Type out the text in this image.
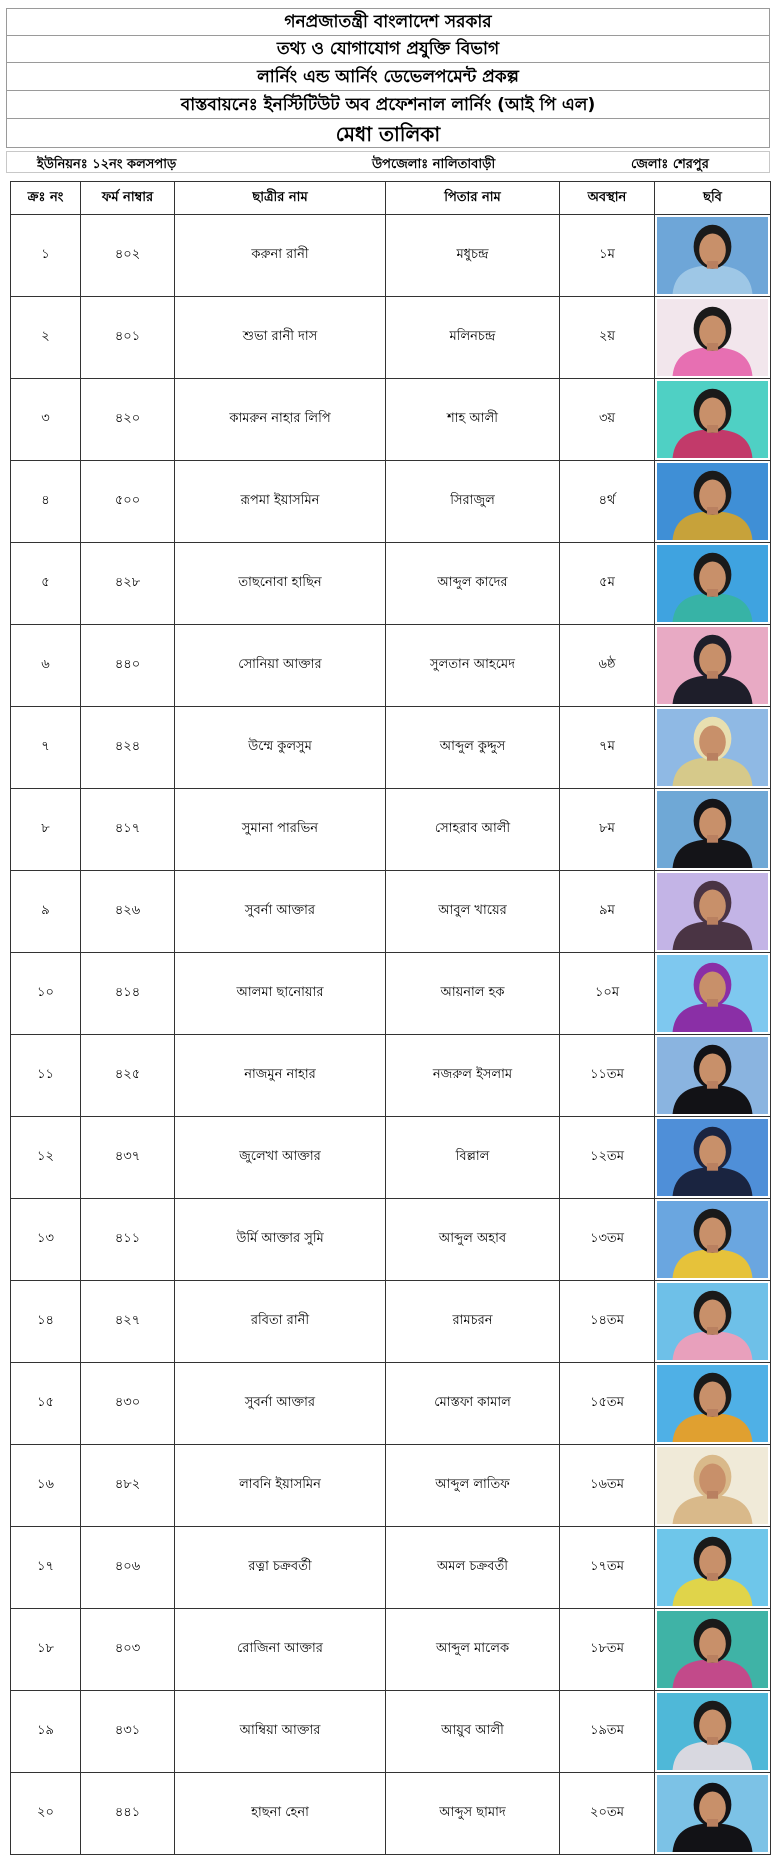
গনপ্রজাতন্ত্রী বাংলাদেশ সরকার
তথ্য ও যোগাযোগ প্রযুক্তি বিভাগ
লার্নিং এন্ড আর্নিং ডেভেলপমেন্ট প্রকল্প
বাস্তবায়নেঃ ইনস্টিটিউট অব প্রফেশনাল লার্নিং (আই পি এল)
মেধা তালিকা
ইউনিয়নঃ ১২নং কলসপাড়	উপজেলাঃ নালিতাবাড়ী	জেলাঃ শেরপুর
ক্রঃ নং	ফর্ম নাম্বার	ছাত্রীর নাম	পিতার নাম	অবস্থান	ছবি
১	৪০২	করুনা রানী	মধুচন্দ্র	১ম	

২	৪০১	শুভা রানী দাস	মলিনচন্দ্র	২য়	

৩	৪২০	কামরুন নাহার লিপি	শাহ আলী	৩য়	

৪	৫০০	রূপমা ইয়াসমিন	সিরাজুল	৪র্থ	

৫	৪২৮	তাছনোবা হাছিন	আব্দুল কাদের	৫ম	

৬	৪৪০	সোনিয়া আক্তার	সুলতান আহমেদ	৬ষ্ঠ	

৭	৪২৪	উম্মে কুলসুম	আব্দুল কুদ্দুস	৭ম	

৮	৪১৭	সুমানা পারভিন	সোহরাব আলী	৮ম	

৯	৪২৬	সুবর্না আক্তার	আবুল খায়ের	৯ম	

১০	৪১৪	আলমা ছানোয়ার	আয়নাল হক	১০ম	

১১	৪২৫	নাজমুন নাহার	নজরুল ইসলাম	১১তম	

১২	৪৩৭	জুলেখা আক্তার	বিল্লাল	১২তম	

১৩	৪১১	উর্মি আক্তার সুমি	আব্দুল অহাব	১৩তম	

১৪	৪২৭	রবিতা রানী	রামচরন	১৪তম	

১৫	৪৩০	সুবর্না আক্তার	মোস্তফা কামাল	১৫তম	

১৬	৪৮২	লাবনি ইয়াসমিন	আব্দুল লাতিফ	১৬তম	

১৭	৪০৬	রত্না চক্রবর্তী	অমল চক্রবর্তী	১৭তম	

১৮	৪০৩	রোজিনা আক্তার	আব্দুল মালেক	১৮তম	

১৯	৪৩১	আম্বিয়া আক্তার	আয়ুব আলী	১৯তম	

২০	৪৪১	হাছনা হেনা	আব্দুস ছামাদ	২০তম	
